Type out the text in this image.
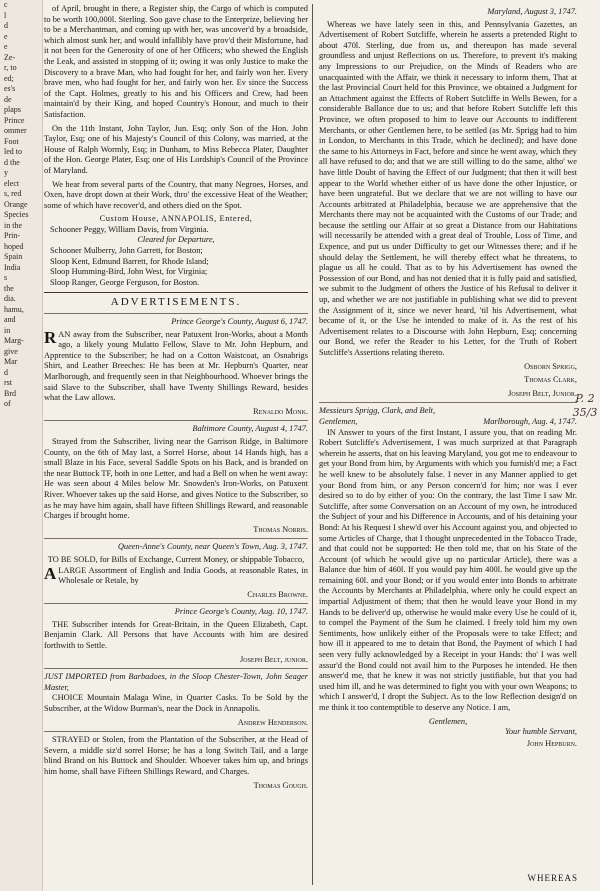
c
l
d
e
e
Ze-
r, to
ed;
es's
de
plaps
Prince
ommer
Foot
led to
d the
y
elect
s, red
Orange
Species
in the
Prin-
hoped
Spain
India
s
the
dia.
hamu,
and
in
Marg-
give
Mar
d
rst
Brd
of

of April, brought in there, a Register ship, the Cargo of which is computed to be worth 100,000l. Sterling. Soo gave chase to the Enterprize, believing her to be a Merchantman, and coming up with her, was uncover'd by a broadside, which almost sunk her, and would infallibly have prov'd their Misfortune, had it not been for the Generosity of one of her Officers; who shewed the English the Leak, and assisted in stopping of it; owing it was only Justice to make the Discovery to a brave Man, who had fought for her, and fairly won her. Every brave men, who had fought for her, and fairly won her. Ev since the Success of the Capt. Holmes, greatly to his and his Officers and Crew, had been maintain'd by their King, and hoped Country's Honour, and much to their Satisfaction.

On the 11th Instant, John Taylor, Jun. Esq; only Son of the Hon. John Taylor, Esq; one of his Majesty's Council of this Colony, was married, at the House of Ralph Wormly, Esq; in Dunham, to Miss Rebecca Plater, Daughter of the Hon. George Plater, Esq; one of His Lordship's Council of the Province of Maryland.

We hear from several parts of the Country, that many Negroes, Horses, and Oxen, have dropt down at their Work, thro' the excessive Heat of the Weather; some of which have recover'd, and others died on the Spot.

Custom House, ANNAPOLIS, Entered,
Schooner Peggy, William Davis, from Virginia.
Cleared for Departure,
Schooner Mulberry, John Garrett, for Boston;
Sloop Kent, Edmund Barrett, for Rhode Island;
Sloop Humming-Bird, John West, for Virginia;
Sloop Ranger, George Ferguson, for Boston.
ADVERTISEMENTS.
Prince George's County, August 6, 1747.

RAN away from the Subscriber, near Patuxent Iron-Works, about a Month ago, a likely young Mulatto Fellow, Slave to Mr. John Hepburn, and Apprentice to the Subscriber; he had on a Cotton Waistcoat, an Osnabrigs Shirt, and Leather Breeches: He has been at Mr. Hepburn's Quarter, near Marlborough, and frequently seen in that Neighbourhood. Whoever brings the said Slave to the Subscriber, shall have Twenty Shillings Reward, besides what the Law allows.

Renaldo Monk.
Baltimore County, August 4, 1747.

Strayed from the Subscriber, living near the Garrison Ridge, in Baltimore County, on the 6th of May last, a Sorrel Horse, about 14 Hands high, has a small Blaze in his Face, several Saddle Spots on his Back, and is branded on the near Buttock TF, both in one Letter, and had a Bell on when he went away: He was seen about 4 Miles below Mr. Snowden's Iron-Works, on Patuxent River. Whoever takes up the said Horse, and gives Notice to the Subscriber, so as he may have him again, shall have fifteen Shillings Reward, and reasonable Charges if brought home.

Thomas Norris.
Queen-Anne's County, near Queen's Town, Aug. 3, 1747.
TO BE SOLD, for Bills of Exchange, Current Money, or shippable Tobacco,

ALARGE Assortment of English and India Goods, at reasonable Rates, in Wholesale or Retale, by

Charles Browne.
Prince George's County, Aug. 10, 1747.

THE Subscriber intends for Great-Britain, in the Queen Elizabeth, Capt. Benjamin Clark. All Persons that have Accounts with him are desired forthwith to Settle.

Joseph Belt, junior.
JUST IMPORTED from Barbadoes, in the Sloop Chester-Town, John Seager Master,

CHOICE Mountain Malaga Wine, in Quarter Casks. To be Sold by the Subscriber, at the Widow Burman's, near the Dock in Annapolis.

Andrew Henderson.

STRAYED or Stolen, from the Plantation of the Subscriber, at the Head of Severn, a middle siz'd sorrel Horse; he has a long Switch Tail, and a large blind Brand on his Buttock and Shoulder. Whoever takes him up, and brings him home, shall have Fifteen Shillings Reward, and Charges.

Thomas Gough.
Maryland, August 3, 1747.

Whereas we have lately seen in this, and Pennsylvania Gazettes, an Advertisement of Robert Sutcliffe, wherein he asserts a pretended Right to about 470l. Sterling, due from us, and thereupon has made several groundless and unjust Reflections on us. Therefore, to prevent it's making any Impressions to our Prejudice, on the Minds of Readers who are unacquainted with the Affair, we think it necessary to inform them, That at the last Provincial Court held for this Province, we obtained a Judgment for an Attachment against the Effects of Robert Sutcliffe in Wells Bewen, for a considerable Ballance due to us; and that before Robert Sutcliffe left this Province, we often proposed to him to leave our Accounts to indifferent Merchants, or other Gentlemen here, to be settled (as Mr. Sprigg had to him in London, to Merchants in this Trade, which he declined); and have done the same to his Attorneys in Fact, before and since he went away, which they all have refused to do; and that we are still willing to do the same, altho' we have little Doubt of having the Effect of our Judgment; that then it will best appear to the World whether either of us have done the other Injustice, or have been ungrateful. But we declare that we are not willing to have our Accounts arbitrated at Philadelphia, because we are apprehensive that the Merchants there may not be acquainted with the Customs of our Trade; and because the settling our Affair at so great a Distance from our Habitations will necessarily be attended with a great deal of Trouble, Loss of Time, and Expence, and put us under Difficulty to get our Witnesses there; and if he should delay the Settlement, he will thereby effect what he threatens, to plague us all he could. That as to by his Advertisement has owned the Possession of our Bond, and has not denied that it is fully paid and satisfied, we submit to the Judgment of others the Justice of his Refusal to deliver it up, and whether we are not justifiable in publishing what we did to prevent the Assignment of it, since we never heard, 'til his Advertisement, what became of it, or the Use he intended to make of it. As the rest of his Advertisement relates to a Discourse with John Hepburn, Esq; concerning our Bond, we refer the Reader to his Letter, for the Truth of Robert Sutcliffe's Assertions relating thereto.

Osborn Sprigg,
Thomas Clark,
Joseph Belt, Junior.
Messieurs Sprigg, Clark, and Belt,
Gentlemen,	Marlborough, Aug. 4, 1747.

IN Answer to yours of the first Instant, I assure you, that on reading Mr. Robert Sutcliffe's Advertisement, I was much surprized at that Paragraph wherein he asserts, that on his leaving Maryland, you got me to endeavour to get your Bond from him, by Arguments with which you furnish'd me; a Fact he well knew to be absolutely false. I never in any Manner applied to get your Bond from him, or any Person concern'd for him; nor was I ever desired so to do by either of you: On the contrary, the last Time I saw Mr. Sutcliffe, after some Conversation on an Account of my own, he introduced the Subject of your and his Difference in Accounts, and of his detaining your Bond: At his Request I shew'd over his Account against you, and objected to some Articles of Charge, that I thought unprecedented in the Tobacco Trade, and that could not be supported: He then told me, that on his State of the Account (of which he would give up no particular Article), there was a Balance due him of 460l. If you would pay him 400l. he would give up the remaining 60l. and your Bond; or if you would enter into Bonds to arbitrate the Accounts by Merchants at Philadelphia, where only he could expect an impartial Adjustment of them; that then he would leave your Bond in my Hands to be deliver'd up, otherwise he would make every Use he could of it, to compel the Payment of the Sum he claimed. I freely told him my own Sentiments, how unlikely either of the Proposals were to take Effect; and how ill it appeared to me to detain that Bond, the Payment of which I had seen very fully acknowledged by a Receipt in your Hands: tho' I was well assur'd the Bond could not avail him to the Purposes he intended. He then answer'd me, that he knew it was not strictly justifiable, but that you had used him ill, and he was determined to fight you with your own Weapons; to which I answer'd, I dropt the Subject. As to the low Reflection design'd on me think it too contemptible to deserve any Notice. I am,

Gentlemen,
Your humble Servant,
John Hepburn.
P. 2 35/3
WHEREAS
